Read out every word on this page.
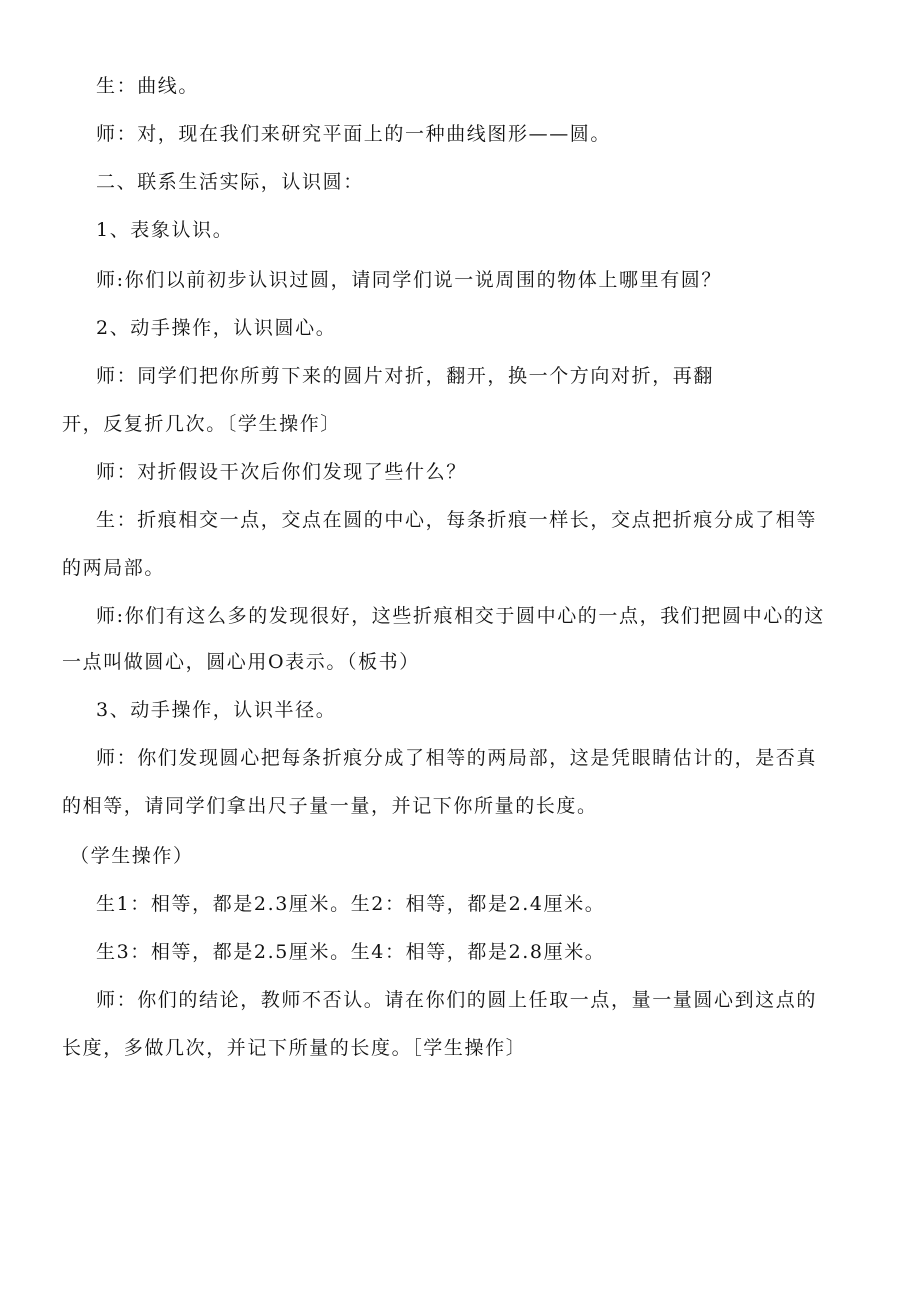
生：曲线。
师：对，现在我们来研究平面上的一种曲线图形——圆。
二、联系生活实际，认识圆：
1、表象认识。
师:你们以前初步认识过圆，请同学们说一说周围的物体上哪里有圆？
2、动手操作，认识圆心。
师：同学们把你所剪下来的圆片对折，翻开，换一个方向对折，再翻
开，反复折几次。〔学生操作〕
师：对折假设干次后你们发现了些什么？
生：折痕相交一点，交点在圆的中心，每条折痕一样长，交点把折痕分成了相等
的两局部。
师:你们有这么多的发现很好，这些折痕相交于圆中心的一点，我们把圆中心的这
一点叫做圆心，圆心用O表示。（板书）
3、动手操作，认识半径。
师：你们发现圆心把每条折痕分成了相等的两局部，这是凭眼睛估计的，是否真
的相等，请同学们拿出尺子量一量，并记下你所量的长度。
（学生操作）
生1：相等，都是2.3厘米。生2：相等，都是2.4厘米。
生3：相等，都是2.5厘米。生4：相等，都是2.8厘米。
师：你们的结论，教师不否认。请在你们的圆上任取一点，量一量圆心到这点的
长度，多做几次，并记下所量的长度。［学生操作〕
